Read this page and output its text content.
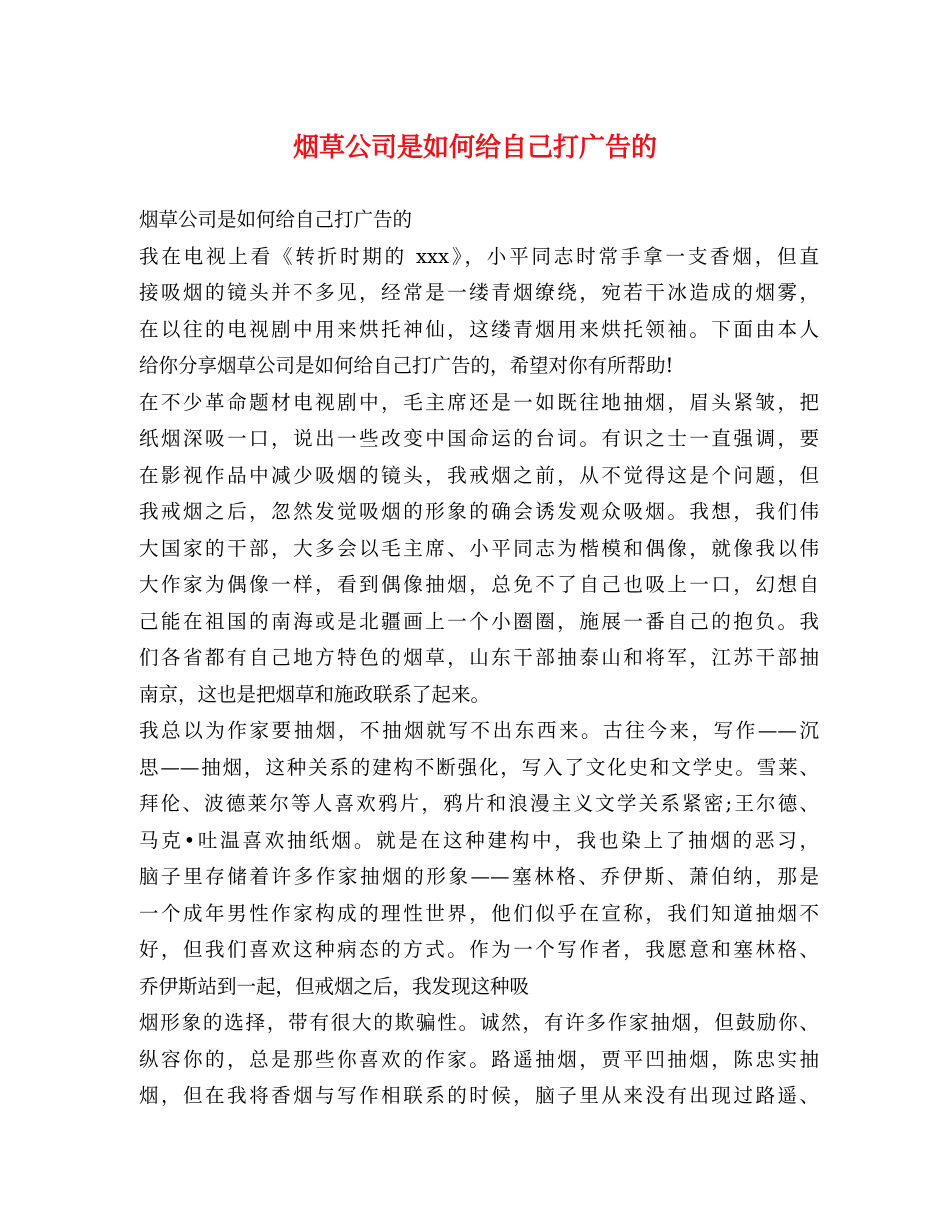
烟草公司是如何给自己打广告的
烟草公司是如何给自己打广告的
我在电视上看《转折时期的 xxx》，小平同志时常手拿一支香烟，但直
接吸烟的镜头并不多见，经常是一缕青烟缭绕，宛若干冰造成的烟雾，
在以往的电视剧中用来烘托神仙，这缕青烟用来烘托领袖。下面由本人
给你分享烟草公司是如何给自己打广告的，希望对你有所帮助!
在不少革命题材电视剧中，毛主席还是一如既往地抽烟，眉头紧皱，把
纸烟深吸一口，说出一些改变中国命运的台词。有识之士一直强调，要
在影视作品中减少吸烟的镜头，我戒烟之前，从不觉得这是个问题，但
我戒烟之后，忽然发觉吸烟的形象的确会诱发观众吸烟。我想，我们伟
大国家的干部，大多会以毛主席、小平同志为楷模和偶像，就像我以伟
大作家为偶像一样，看到偶像抽烟，总免不了自己也吸上一口，幻想自
己能在祖国的南海或是北疆画上一个小圈圈，施展一番自己的抱负。我
们各省都有自己地方特色的烟草，山东干部抽泰山和将军，江苏干部抽
南京，这也是把烟草和施政联系了起来。
我总以为作家要抽烟，不抽烟就写不出东西来。古往今来，写作——沉
思——抽烟，这种关系的建构不断强化，写入了文化史和文学史。雪莱、
拜伦、波德莱尔等人喜欢鸦片，鸦片和浪漫主义文学关系紧密;王尔德、
马克•吐温喜欢抽纸烟。就是在这种建构中，我也染上了抽烟的恶习，
脑子里存储着许多作家抽烟的形象——塞林格、乔伊斯、萧伯纳，那是
一个成年男性作家构成的理性世界，他们似乎在宣称，我们知道抽烟不
好，但我们喜欢这种病态的方式。作为一个写作者，我愿意和塞林格、
乔伊斯站到一起，但戒烟之后，我发现这种吸
烟形象的选择，带有很大的欺骗性。诚然，有许多作家抽烟，但鼓励你、
纵容你的，总是那些你喜欢的作家。路遥抽烟，贾平凹抽烟，陈忠实抽
烟，但在我将香烟与写作相联系的时候，脑子里从来没有出现过路遥、
